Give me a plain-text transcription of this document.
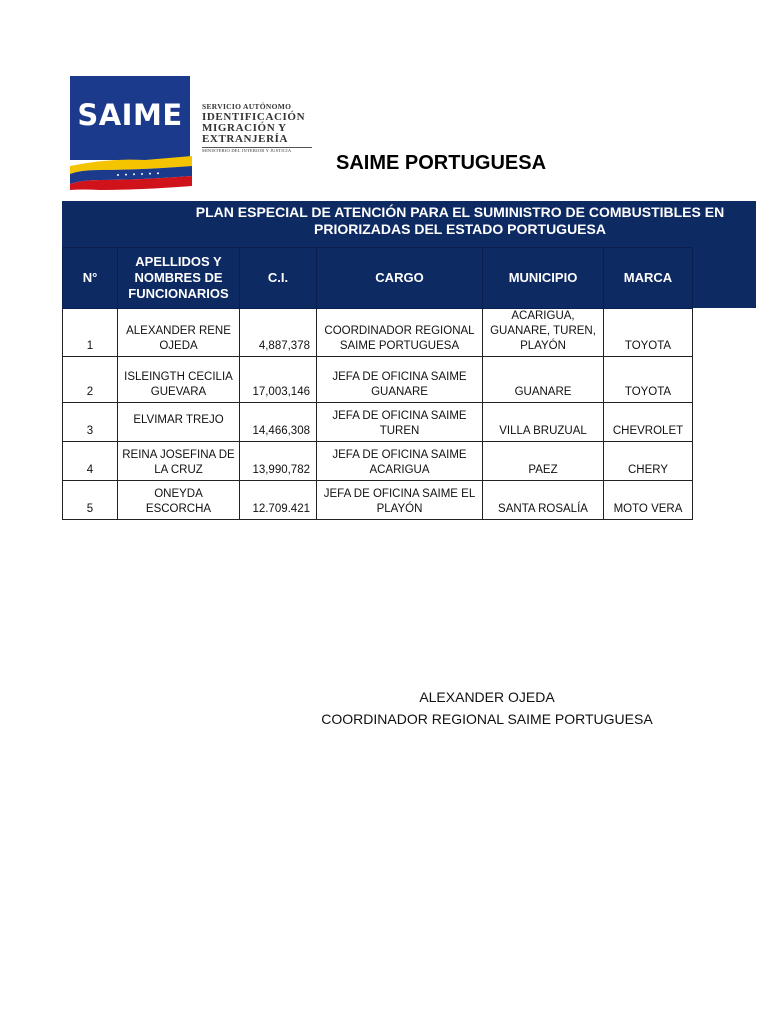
SAIME	SERVICIO AUTÓNOMO
IDENTIFICACIÓN
MIGRACIÓN Y
EXTRANJERÍA
MINISTERIO DEL INTERIOR Y JUSTICIA
SAIME PORTUGUESA
PLAN ESPECIAL DE ATENCIÓN PARA EL SUMINISTRO DE COMBUSTIBLES EN
PRIORIZADAS DEL ESTADO PORTUGUESA
N°	APELLIDOS Y NOMBRES DE FUNCIONARIOS	C.I.	CARGO	MUNICIPIO	MARCA
1	ALEXANDER RENE OJEDA	4,887,378	COORDINADOR REGIONAL SAIME PORTUGUESA	ACARIGUA, GUANARE, TUREN, PLAYÓN	TOYOTA
2	ISLEINGTH CECILIA GUEVARA	17,003,146	JEFA DE OFICINA SAIME GUANARE	GUANARE	TOYOTA
3	ELVIMAR TREJO	14,466,308	JEFA DE OFICINA SAIME TUREN	VILLA BRUZUAL	CHEVROLET
4	REINA JOSEFINA DE LA CRUZ	13,990,782	JEFA DE OFICINA SAIME ACARIGUA	PAEZ	CHERY
5	ONEYDA ESCORCHA	12.709.421	JEFA DE OFICINA SAIME EL PLAYÓN	SANTA ROSALÍA	MOTO VERA
ALEXANDER OJEDA
COORDINADOR REGIONAL SAIME PORTUGUESA
